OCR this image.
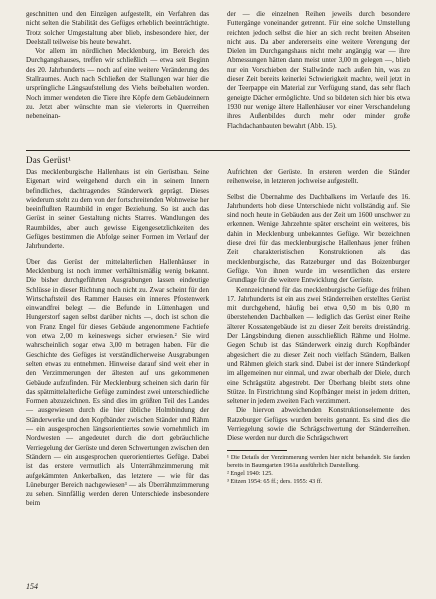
geschnitten und den Einzügen aufgestellt, ein Verfahren das nicht selten die Stabilität des Gefüges erheblich beeinträchtigte. Trotz solcher Umgestaltung aber blieb, insbesondere hier, der Deelstall teilweise bis heute bewahrt.

Vor allem im nördlichen Mecklenburg, im Bereich des Durchgangshauses, treffen wir schließlich — etwa seit Beginn des 20. Jahrhunderts — noch auf eine weitere Veränderung des Stallraumes. Auch nach Schließen der Stallungen war hier die ursprüngliche Längsaufstellung des Viehs beibehalten worden. Noch immer wendeten die Tiere ihre Köpfe dem Gebäudeinnern zu. Jetzt aber wünschte man sie vielerorts in Querreihen nebeneinan-

der — die einzelnen Reihen jeweils durch besondere Futtergänge voneinander getrennt. Für eine solche Umstellung reichten jedoch selbst die hier an sich recht breiten Abseiten nicht aus. Da aber andererseits eine weitere Verengung der Dielen im Durchgangshaus nicht mehr angängig war — ihre Abmessungen hätten dann meist unter 3,00 m gelegen —, blieb nur ein Vorschieben der Stallwände nach außen hin, was zu dieser Zeit bereits keinerlei Schwierigkeit machte, weil jetzt in der Teerpappe ein Material zur Verfügung stand, das sehr flach geneigte Dächer ermöglichte. Und so bildeten sich hier bis etwa 1930 nur wenige ältere Hallenhäuser vor einer Verschandelung ihres Außenbildes durch mehr oder minder große Flachdachanbauten bewahrt (Abb. 15).

Das Gerüst¹

Das mecklenburgische Hallenhaus ist ein Gerüstbau. Seine Eigenart wird weitgehend durch ein in seinem Innern befindliches, dachtragendes Ständerwerk geprägt. Dieses wiederum steht zu dem von der fortschreitenden Wohnweise her beeinflußten Raumbild in enger Beziehung. So ist auch das Gerüst in seiner Gestaltung nichts Starres. Wandlungen des Raumbildes, aber auch gewisse Eigengesetzlichkeiten des Gefüges bestimmen die Abfolge seiner Formen im Verlauf der Jahrhunderte.

Über das Gerüst der mittelalterlichen Hallenhäuser in Mecklenburg ist noch immer verhältnismäßig wenig bekannt. Die bisher durchgeführten Ausgrabungen lassen eindeutige Schlüsse in dieser Richtung noch nicht zu. Zwar scheint für den Wirtschaftsteil des Rammer Hauses ein inneres Pfostenwerk einwandfrei belegt — die Befunde in Lüttenhagen und Hungerstorf sagen selbst darüber nichts —, doch ist schon die von Franz Engel für dieses Gebäude angenommene Fachtiefe von etwa 2,00 m keineswegs sicher erwiesen.² Sie wird wahrscheinlich sogar etwa 3,00 m betragen haben. Für die Geschichte des Gefüges ist verständlicherweise Ausgrabungen selten etwas zu entnehmen. Hinweise darauf sind weit eher in den Verzimmerungen der ältesten auf uns gekommenen Gebäude aufzufinden. Für Mecklenburg scheinen sich darin für das spätmittelalterliche Gefüge zumindest zwei unterschiedliche Formen abzuzeichnen. Es sind dies im größten Teil des Landes — ausgewiesen durch die hier übliche Holmbindung der Ständerwerke und den Kopfbänder zwischen Ständer und Rähm — ein ausgesprochen längsorientiertes sowie vornehmlich im Nordwesten — angedeutet durch die dort gebräuchliche Verriegelung der Gerüste und deren Schwertungen zwischen den Ständern — ein ausgesprochen querorientiertes Gefüge. Dabei ist das erstere vermutlich als Unterrähmzimmerung mit aufgekämmten Ankerbalken, das letztere — wie für das Lüneburger Bereich nachgewiesen³ — als Überrähmzimmerung zu sehen. Sinnfällig werden deren Unterschiede insbesondere beim

Aufrichten der Gerüste. In ersteren werden die Ständer reihenweise, in letzteren jochweise aufgestellt.

Selbst die Übernahme des Dachbalkens im Verlaufe des 16. Jahrhunderts hob diese Unterschiede nicht vollständig auf. Sie sind noch heute in Gebäuden aus der Zeit um 1600 unschwer zu erkennen. Wenige Jahrzehnte später erscheint ein weiteres, bis dahin in Mecklenburg unbekanntes Gefüge. Wir bezeichnen diese drei für das mecklenburgische Hallenhaus jener frühen Zeit charakteristischen Konstruktionen als das mecklenburgische, das Ratzeburger und das Boizenburger Gefüge. Von ihnen wurde im wesentlichen das erstere Grundlage für die weitere Entwicklung der Gerüste.

Kennzeichnend für das mecklenburgische Gefüge des frühen 17. Jahrhunderts ist ein aus zwei Ständerreihen erstelltes Gerüst mit durchgehend, häufig bei etwa 0,50 m bis 0,80 m überstehenden Dachbalken — lediglich das Gerüst einer Reihe älterer Kossatengebäude ist zu dieser Zeit bereits dreiständrig. Der Längsbindung dienen ausschließlich Rähme und Holme. Gegen Schub ist das Ständerwerk einzig durch Kopfbänder abgesichert die zu dieser Zeit noch vielfach Ständern, Balken und Rähmen gleich stark sind. Dabei ist der innere Ständerkopf im allgemeinen nur einmal, und zwar oberhalb der Diele, durch eine Schrägstütz abgestrebt. Der Überhang bleibt stets ohne Stütze. In Firstrichtung sind Kopfbänger meist in jedem dritten, seltener in jedem zweiten Fach verzimmert.

Die hiervon abweichenden Konstruktionselemente des Ratzeburger Gefüges wurden bereits genannt. Es sind dies die Verriegelung sowie die Schrägschwertung der Ständerreihen. Diese werden nur durch die Schrägschwert

¹ Die Details der Verzimmerung werden hier nicht behandelt. Sie fanden bereits in Baumgarten 1961a ausführlich Darstellung.

² Engel 1940: 125.

³ Eitzen 1954: 65 ff.; ders. 1955: 43 ff.

154
